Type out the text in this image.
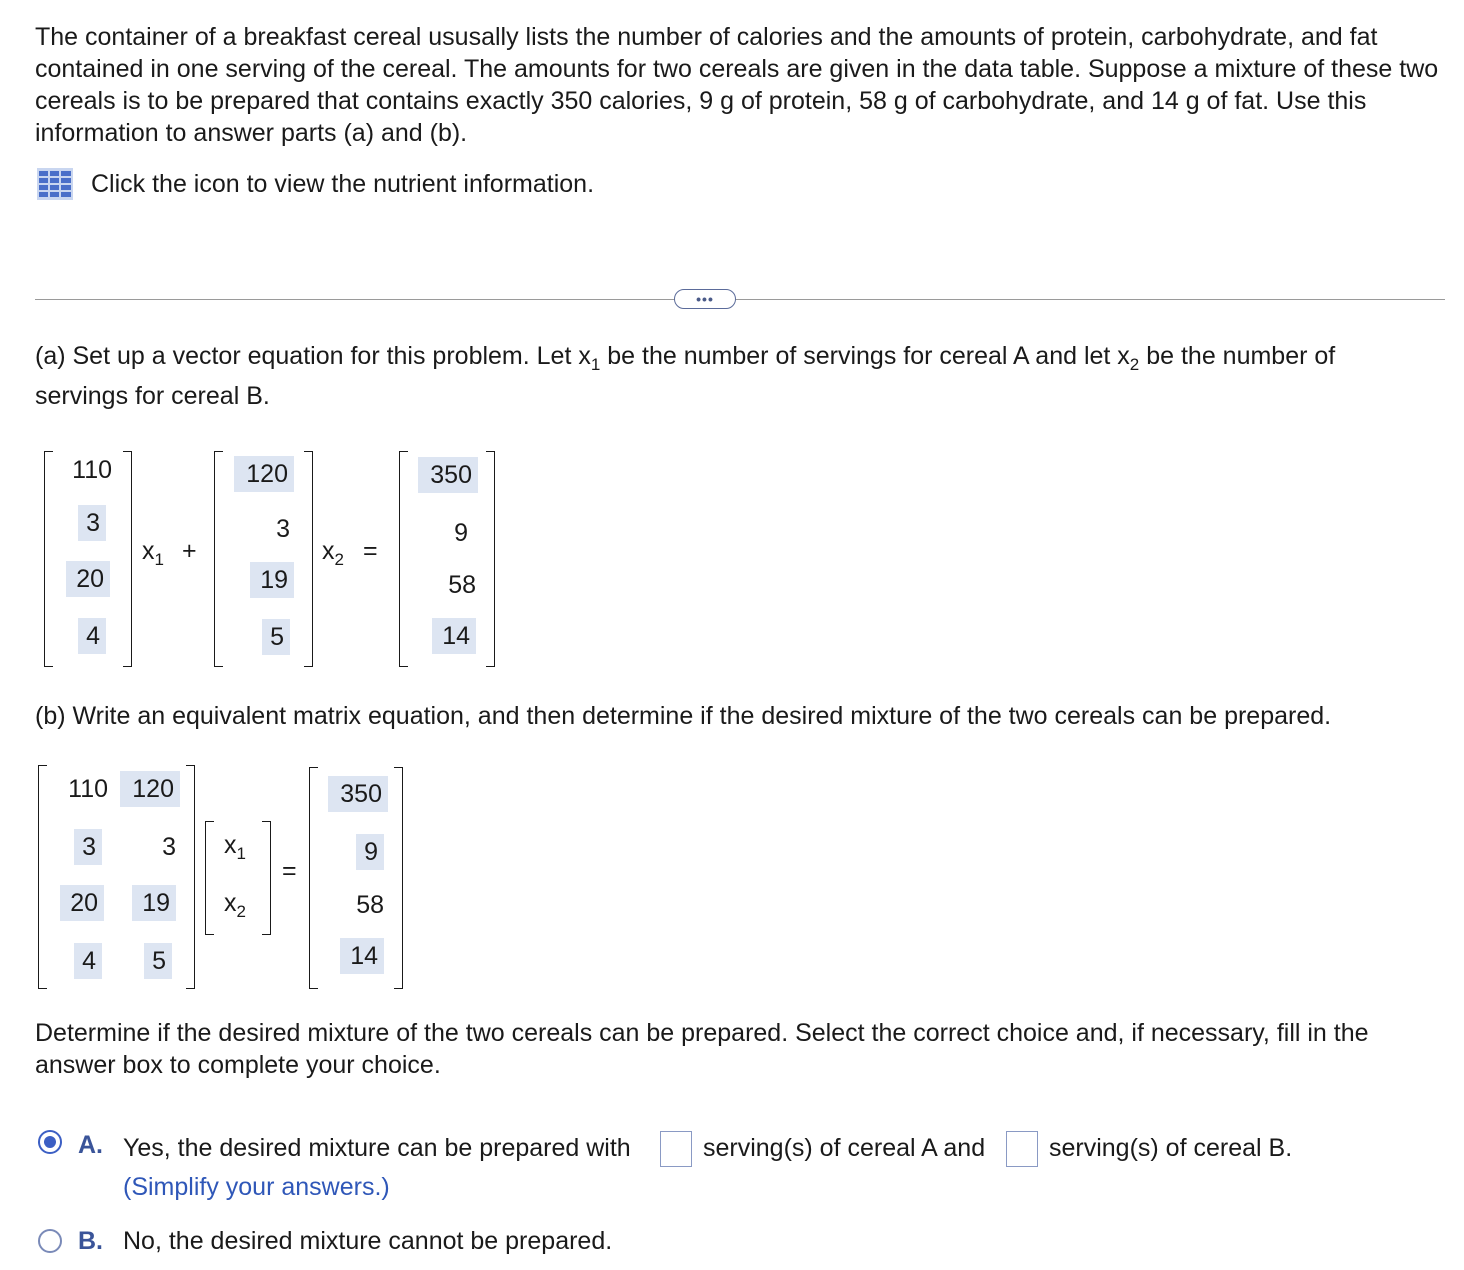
The container of a breakfast cereal ususally lists the number of calories and the amounts of protein, carbohydrate, and fat contained in one serving of the cereal. The amounts for two cereals are given in the data table. Suppose a mixture of these two cereals is to be prepared that contains exactly 350 calories, 9 g of protein, 58 g of carbohydrate, and 14 g of fat. Use this information to answer parts (a) and (b).

Click the icon to view the nutrient information.
•••

(a) Set up a vector equation for this problem. Let $x_1$ be the number of servings for cereal A and let $x_2$ be the number of servings for cereal B.

110
3
20
4
$x_1$ +
120
3
19
5
$x_2$ =
350
9
58
14

(b) Write an equivalent matrix equation, and then determine if the desired mixture of the two cereals can be prepared.

110 120
3	3
20	19
4	5
$x_1$
$x_2$
=
350
9
58
14

Determine if the desired mixture of the two cereals can be prepared. Select the correct choice and, if necessary, fill in the answer box to complete your choice.

A. Yes, the desired mixture can be prepared with	serving(s) of cereal A and	serving(s) of cereal B.
(Simplify your answers.)
B. No, the desired mixture cannot be prepared.
